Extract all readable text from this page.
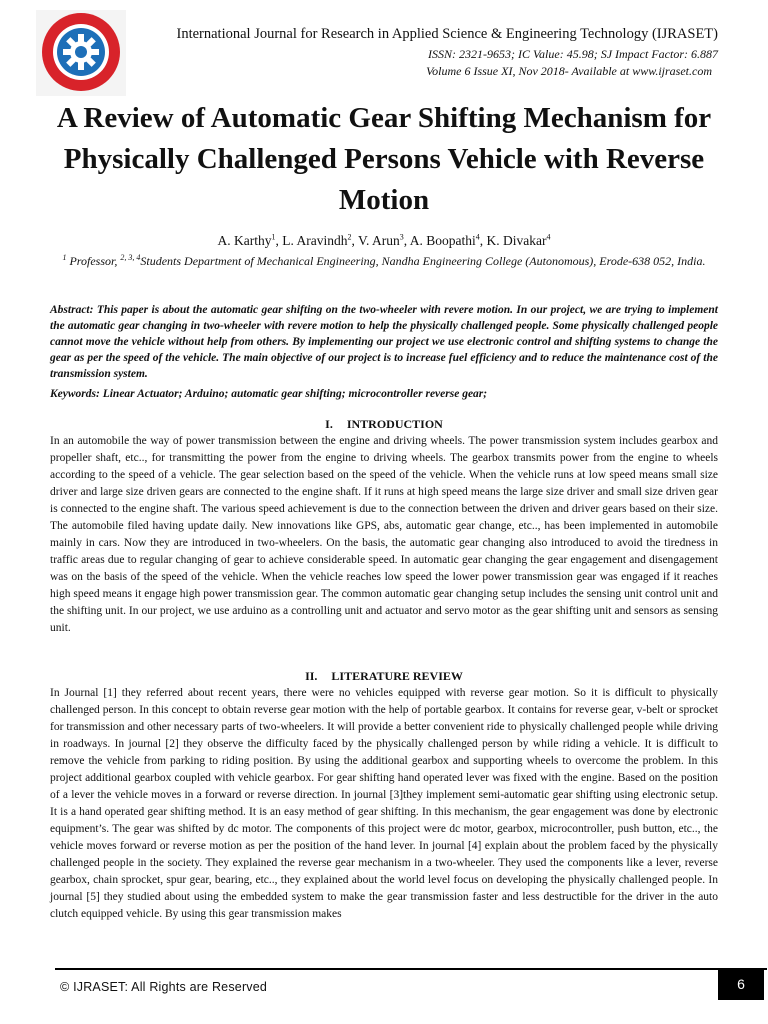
International Journal for Research in Applied Science & Engineering Technology (IJRASET)
ISSN: 2321-9653; IC Value: 45.98; SJ Impact Factor: 6.887
Volume 6 Issue XI, Nov 2018- Available at www.ijraset.com
A Review of Automatic Gear Shifting Mechanism for Physically Challenged Persons Vehicle with Reverse Motion
A. Karthy$^1$, L. Aravindh$^2$, V. Arun$^3$, A. Boopathi$^4$, K. Divakar$^4$
$^1$ Professor, $^{2, 3, 4}$Students Department of Mechanical Engineering, Nandha Engineering College (Autonomous), Erode-638 052, India.

Abstract: This paper is about the automatic gear shifting on the two-wheeler with revere motion. In our project, we are trying to implement the automatic gear changing in two-wheeler with revere motion to help the physically challenged people. Some physically challenged people cannot move the vehicle without help from others. By implementing our project we use electronic control and shifting systems to change the gear as per the speed of the vehicle. The main objective of our project is to increase fuel efficiency and to reduce the maintenance cost of the transmission system.

Keywords: Linear Actuator; Arduino; automatic gear shifting; microcontroller reverse gear;

I. INTRODUCTION

In an automobile the way of power transmission between the engine and driving wheels. The power transmission system includes gearbox and propeller shaft, etc.., for transmitting the power from the engine to driving wheels. The gearbox transmits power from the engine to wheels according to the speed of a vehicle. The gear selection based on the speed of the vehicle. When the vehicle runs at low speed means small size driver and large size driven gears are connected to the engine shaft. If it runs at high speed means the large size driver and small size driven gear is connected to the engine shaft. The various speed achievement is due to the connection between the driven and driver gears based on their size. The automobile filed having update daily. New innovations like GPS, abs, automatic gear change, etc.., has been implemented in automobile mainly in cars. Now they are introduced in two-wheelers. On the basis, the automatic gear changing also introduced to avoid the tiredness in traffic areas due to regular changing of gear to achieve considerable speed. In automatic gear changing the gear engagement and disengagement was on the basis of the speed of the vehicle. When the vehicle reaches low speed the lower power transmission gear was engaged if it reaches high speed means it engage high power transmission gear. The common automatic gear changing setup includes the sensing unit control unit and the shifting unit. In our project, we use arduino as a controlling unit and actuator and servo motor as the gear shifting unit and sensors as sensing unit.

II. LITERATURE REVIEW

In Journal [1] they referred about recent years, there were no vehicles equipped with reverse gear motion. So it is difficult to physically challenged person. In this concept to obtain reverse gear motion with the help of portable gearbox. It contains for reverse gear, v-belt or sprocket for transmission and other necessary parts of two-wheelers. It will provide a better convenient ride to physically challenged people while driving in roadways. In journal [2] they observe the difficulty faced by the physically challenged person by while riding a vehicle. It is difficult to remove the vehicle from parking to riding position. By using the additional gearbox and supporting wheels to overcome the problem. In this project additional gearbox coupled with vehicle gearbox. For gear shifting hand operated lever was fixed with the engine. Based on the position of a lever the vehicle moves in a forward or reverse direction. In journal [3]they implement semi-automatic gear shifting using electronic setup. It is a hand operated gear shifting method. It is an easy method of gear shifting. In this mechanism, the gear engagement was done by electronic equipment’s. The gear was shifted by dc motor. The components of this project were dc motor, gearbox, microcontroller, push button, etc.., the vehicle moves forward or reverse motion as per the position of the hand lever. In journal [4] explain about the problem faced by the physically challenged people in the society. They explained the reverse gear mechanism in a two-wheeler. They used the components like a lever, reverse gearbox, chain sprocket, spur gear, bearing, etc.., they explained about the world level focus on developing the physically challenged people. In journal [5] they studied about using the embedded system to make the gear transmission faster and less destructible for the driver in the auto clutch equipped vehicle. By using this gear transmission makes

© IJRASET: All Rights are Reserved	6
